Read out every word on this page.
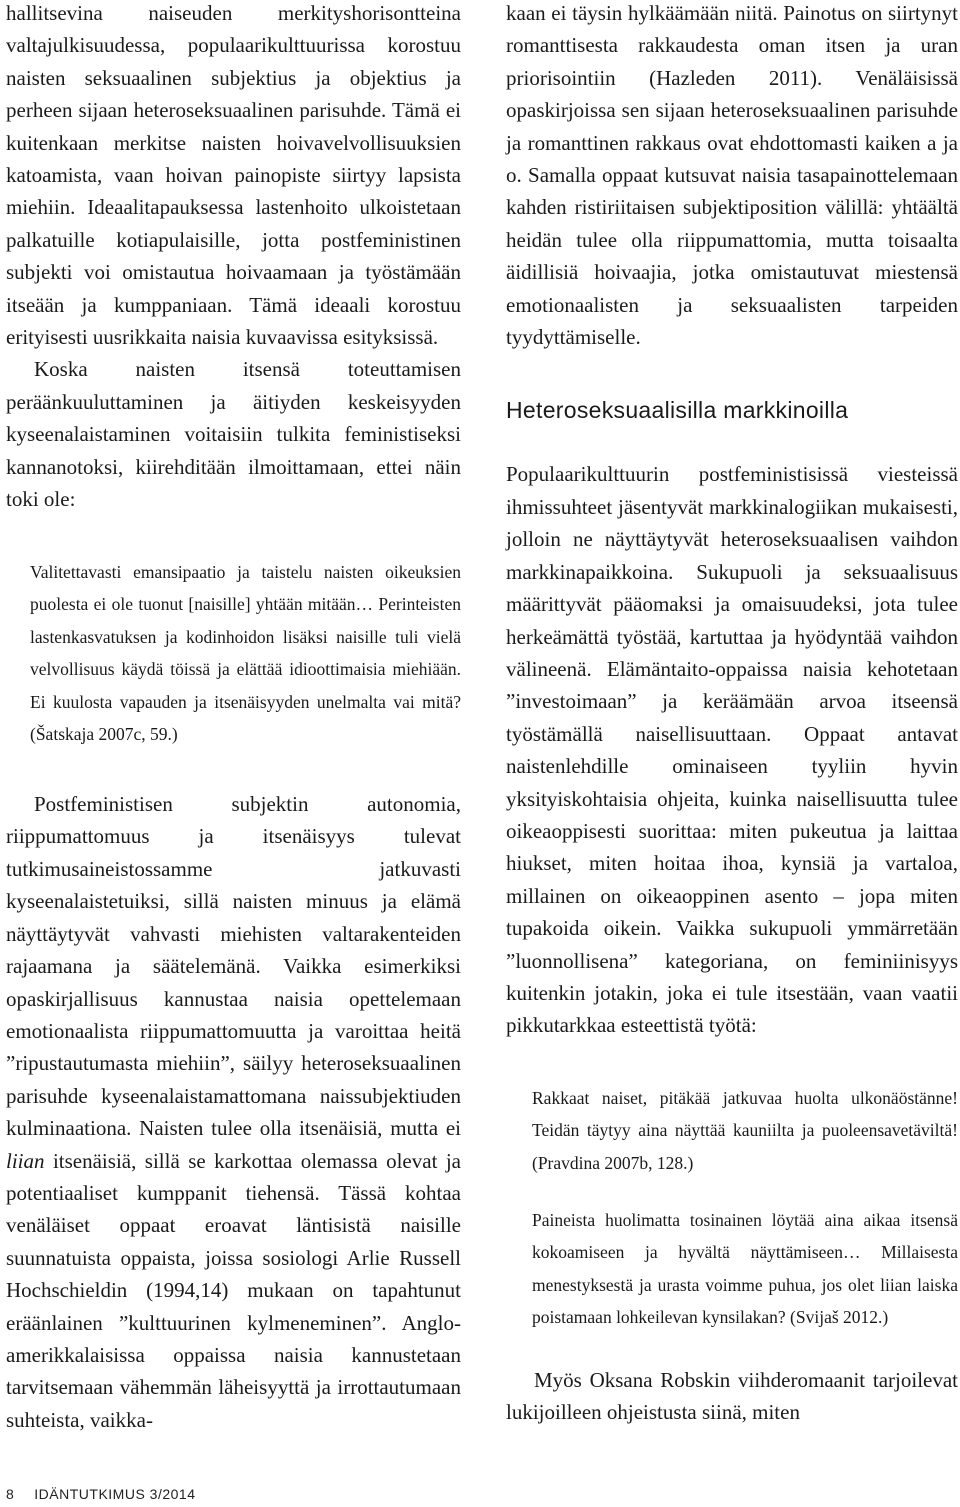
hallitsevina naiseuden merkityshorisontteina valtajulkisuudessa, populaarikulttuurissa korostuu naisten seksuaalinen subjektius ja objektius ja perheen sijaan heteroseksuaalinen parisuhde. Tämä ei kuitenkaan merkitse naisten hoivavelvollisuuksien katoamista, vaan hoivan painopiste siirtyy lapsista miehiin. Ideaalitapauksessa lastenhoito ulkoistetaan palkatuille kotiapulaisille, jotta postfeministinen subjekti voi omistautua hoivaamaan ja työstämään itseään ja kumppaniaan. Tämä ideaali korostuu erityisesti uusrikkaita naisia kuvaavissa esityksissä.

Koska naisten itsensä toteuttamisen peräänkuuluttaminen ja äitiyden keskeisyyden kyseenalaistaminen voitaisiin tulkita feministiseksi kannanotoksi, kiirehditään ilmoittamaan, ettei näin toki ole:

Valitettavasti emansipaatio ja taistelu naisten oikeuksien puolesta ei ole tuonut [naisille] yhtään mitään… Perinteisten lastenkasvatuksen ja kodinhoidon lisäksi naisille tuli vielä velvollisuus käydä töissä ja elättää idioottimaisia miehiään. Ei kuulosta vapauden ja itsenäisyyden unelmalta vai mitä? (Šatskaja 2007c, 59.)

Postfeministisen subjektin autonomia, riippumattomuus ja itsenäisyys tulevat tutkimusaineistossamme jatkuvasti kyseenalaistetuiksi, sillä naisten minuus ja elämä näyttäytyvät vahvasti miehisten valtarakenteiden rajaamana ja säätelemänä. Vaikka esimerkiksi opaskirjallisuus kannustaa naisia opettelemaan emotionaalista riippumattomuutta ja varoittaa heitä ”ripustautumasta miehiin”, säilyy heteroseksuaalinen parisuhde kyseenalaistamattomana naissubjektiuden kulminaationa. Naisten tulee olla itsenäisiä, mutta ei liian itsenäisiä, sillä se karkottaa olemassa olevat ja potentiaaliset kumppanit tiehensä. Tässä kohtaa venäläiset oppaat eroavat läntisistä naisille suunnatuista oppaista, joissa sosiologi Arlie Russell Hochschieldin (1994,14) mukaan on tapahtunut eräänlainen ”kulttuurinen kylmeneminen”. Anglo-amerikkalaisissa oppaissa naisia kannustetaan tarvitsemaan vähemmän läheisyyttä ja irrottautumaan suhteista, vaikka-

kaan ei täysin hylkäämään niitä. Painotus on siirtynyt romanttisesta rakkaudesta oman itsen ja uran priorisointiin (Hazleden 2011). Venäläisissä opaskirjoissa sen sijaan heteroseksuaalinen parisuhde ja romanttinen rakkaus ovat ehdottomasti kaiken a ja o. Samalla oppaat kutsuvat naisia tasapainottelemaan kahden ristiriitaisen subjektiposition välillä: yhtäältä heidän tulee olla riippumattomia, mutta toisaalta äidillisiä hoivaajia, jotka omistautuvat miestensä emotionaalisten ja seksuaalisten tarpeiden tyydyttämiselle.

Heteroseksuaalisilla markkinoilla

Populaarikulttuurin postfeministisissä viesteissä ihmissuhteet jäsentyvät markkinalogiikan mukaisesti, jolloin ne näyttäytyvät heteroseksuaalisen vaihdon markkinapaikkoina. Sukupuoli ja seksuaalisuus määrittyvät pääomaksi ja omaisuudeksi, jota tulee herkeämättä työstää, kartuttaa ja hyödyntää vaihdon välineenä. Elämäntaito-oppaissa naisia kehotetaan ”investoimaan” ja keräämään arvoa itseensä työstämällä naisellisuuttaan. Oppaat antavat naistenlehdille ominaiseen tyyliin hyvin yksityiskohtaisia ohjeita, kuinka naisellisuutta tulee oikeaoppisesti suorittaa: miten pukeutua ja laittaa hiukset, miten hoitaa ihoa, kynsiä ja vartaloa, millainen on oikeaoppinen asento – jopa miten tupakoida oikein. Vaikka sukupuoli ymmärretään ”luonnollisena” kategoriana, on feminiinisyys kuitenkin jotakin, joka ei tule itsestään, vaan vaatii pikkutarkkaa esteettistä työtä:

Rakkaat naiset, pitäkää jatkuvaa huolta ulkonäöstänne! Teidän täytyy aina näyttää kauniilta ja puoleensavetäviltä! (Pravdina 2007b, 128.)

Paineista huolimatta tosinainen löytää aina aikaa itsensä kokoamiseen ja hyvältä näyttämiseen… Millaisesta menestyksestä ja urasta voimme puhua, jos olet liian laiska poistamaan lohkeilevan kynsilakan? (Svijaš 2012.)

Myös Oksana Robskin viihderomaanit tarjoilevat lukijoilleen ohjeistusta siinä, miten

8 IDÄNTUTKIMUS 3/2014
